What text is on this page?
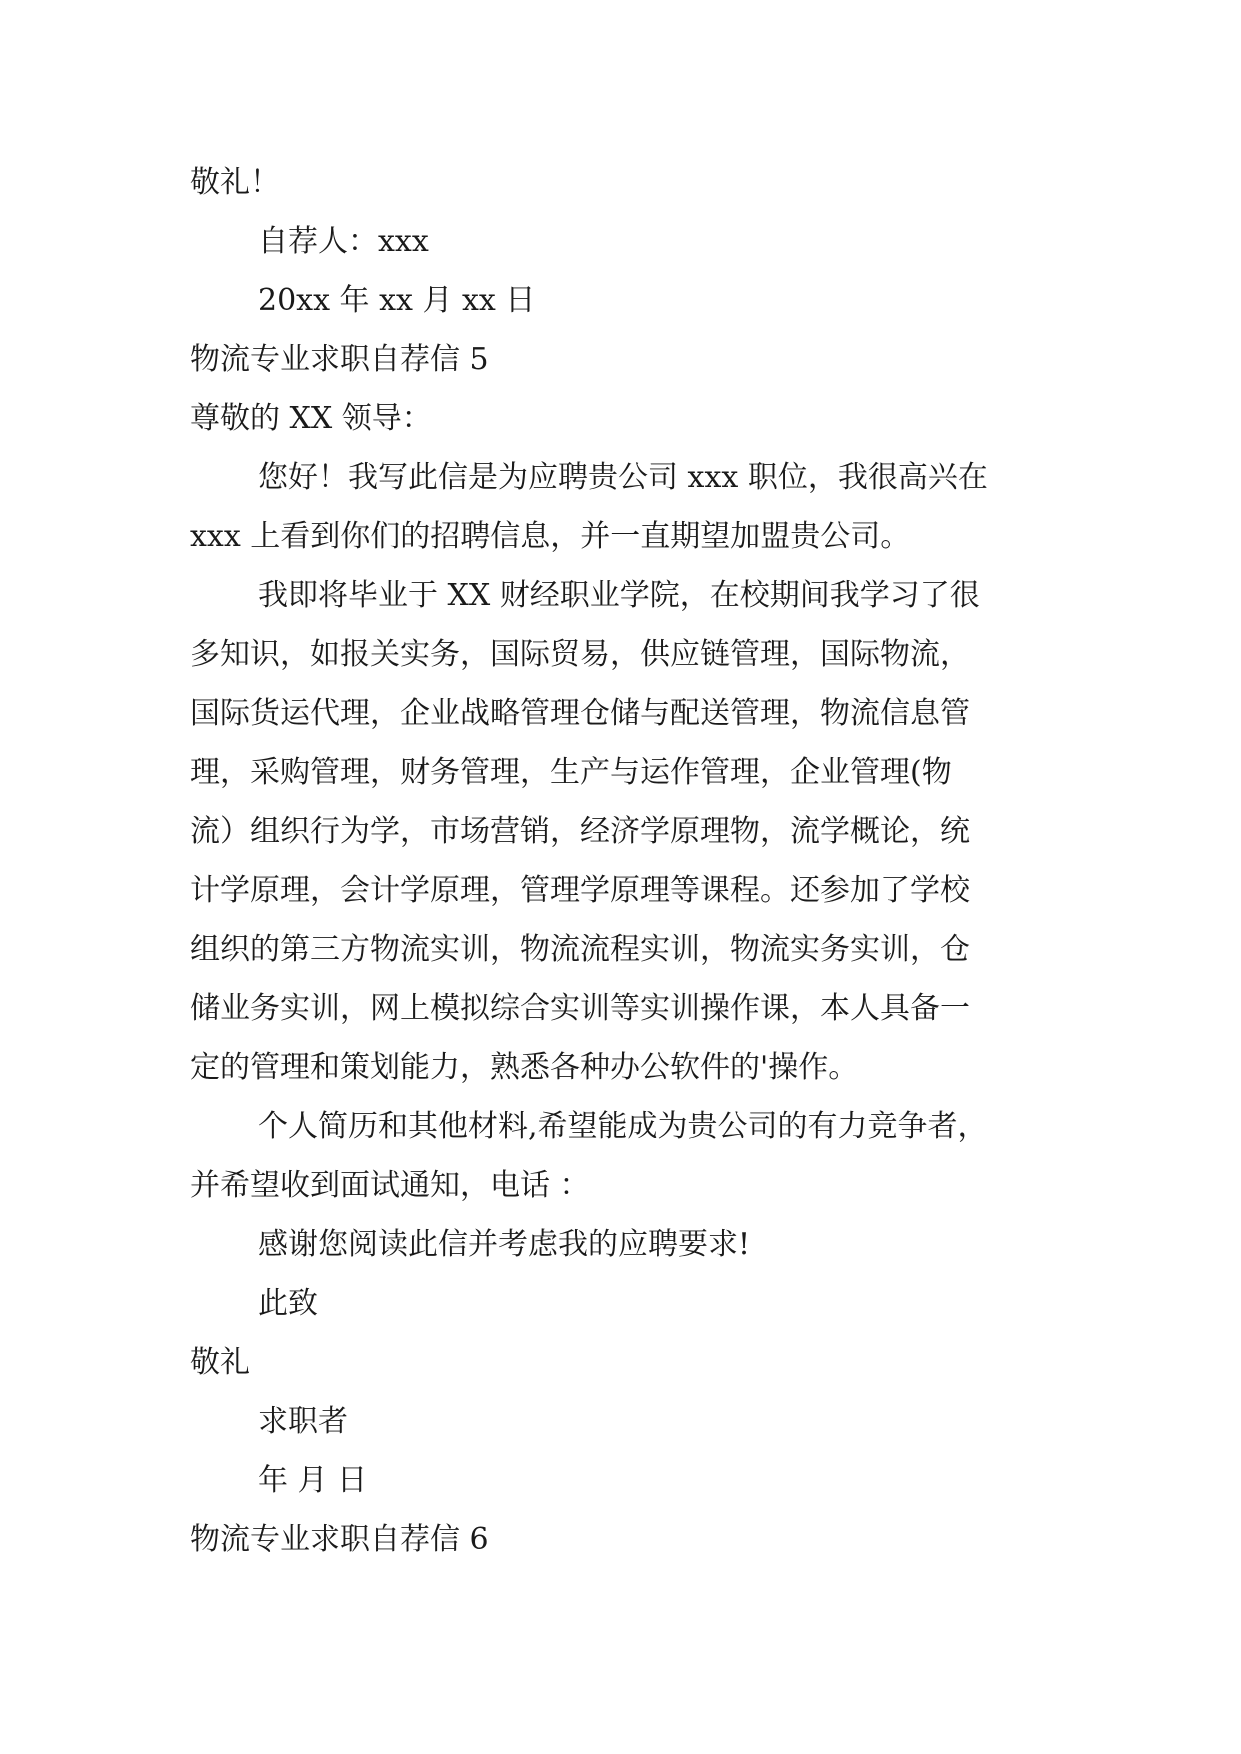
敬礼！
自荐人：xxx
20xx 年 xx 月 xx 日
物流专业求职自荐信 5
尊敬的 XX 领导：
您好！我写此信是为应聘贵公司 xxx 职位，我很高兴在
xxx 上看到你们的招聘信息，并一直期望加盟贵公司。
我即将毕业于 XX 财经职业学院，在校期间我学习了很
多知识，如报关实务，国际贸易，供应链管理，国际物流，
国际货运代理，企业战略管理仓储与配送管理，物流信息管
理，采购管理，财务管理，生产与运作管理，企业管理(物
流）组织行为学，市场营销，经济学原理物，流学概论，统
计学原理，会计学原理，管理学原理等课程。还参加了学校
组织的第三方物流实训，物流流程实训，物流实务实训，仓
储业务实训，网上模拟综合实训等实训操作课，本人具备一
定的管理和策划能力，熟悉各种办公软件的'操作。
个人简历和其他材料,希望能成为贵公司的有力竞争者，
并希望收到面试通知，电话 ：
感谢您阅读此信并考虑我的应聘要求!
此致
敬礼
求职者
年 月 日
物流专业求职自荐信 6
